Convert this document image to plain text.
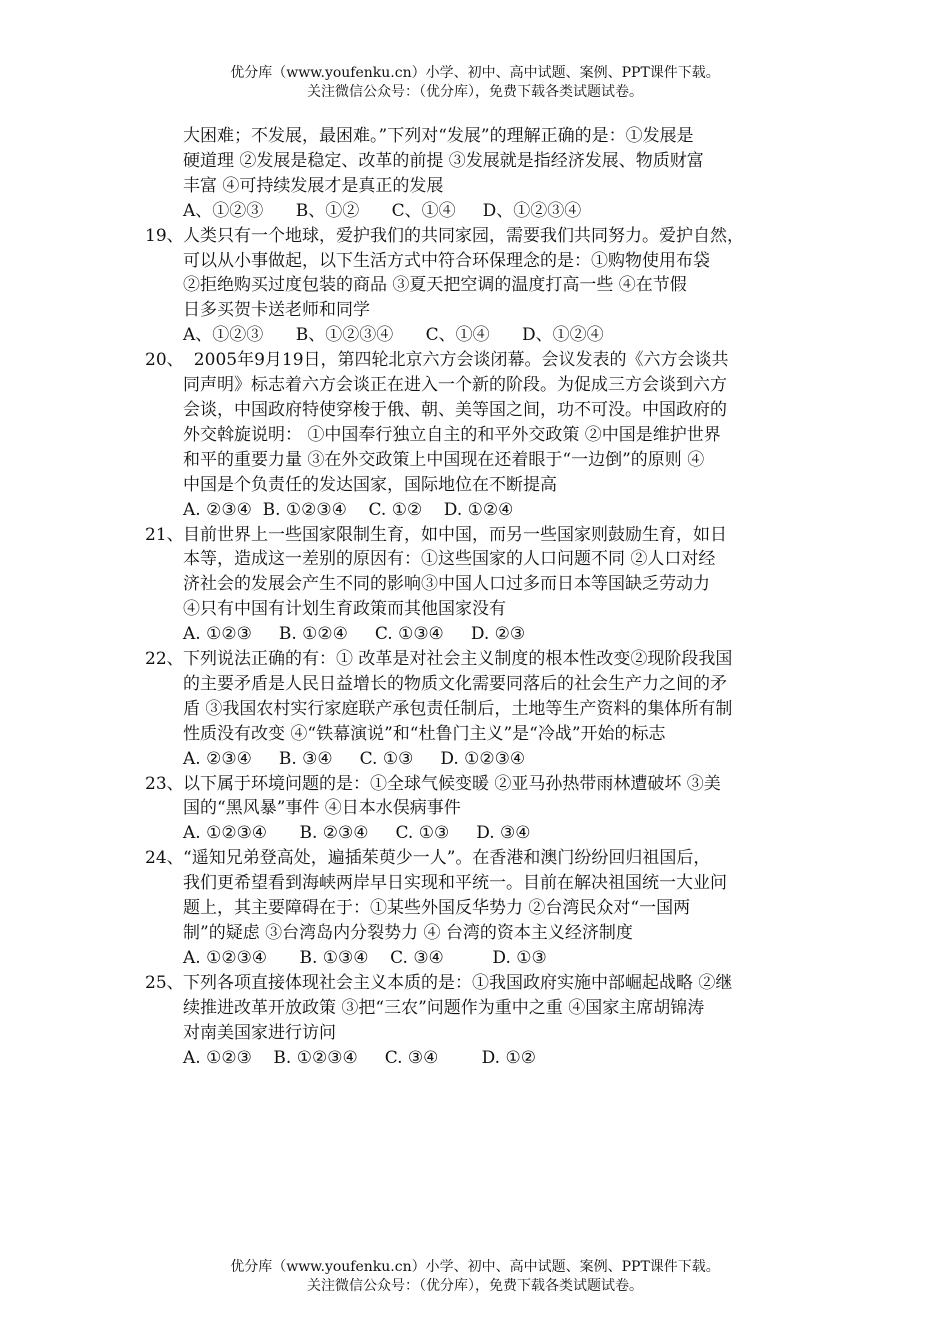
优分库（www.youfenku.cn）小学、初中、高中试题、案例、PPT课件下载。
关注微信公众号：（优分库），免费下载各类试题试卷。
大困难；不发展，最困难。”下列对“发展”的理解正确的是：①发展是
硬道理 ②发展是稳定、改革的前提 ③发展就是指经济发展、物质财富
丰富 ④可持续发展才是真正的发展
A、①②③      B、①②      C、①④     D、①②③④
19、 人类只有一个地球，爱护我们的共同家园，需要我们共同努力。爱护自然，
可以从小事做起，以下生活方式中符合环保理念的是：①购物使用布袋
②拒绝购买过度包装的商品 ③夏天把空调的温度打高一些 ④在节假
日多买贺卡送老师和同学
A、①②③      B、①②③④      C、①④      D、①②④
20、 2005年9月19日，第四轮北京六方会谈闭幕。会议发表的《六方会谈共
同声明》标志着六方会谈正在进入一个新的阶段。为促成三方会谈到六方
会谈，中国政府特使穿梭于俄、朝、美等国之间，功不可没。中国政府的
外交斡旋说明： ①中国奉行独立自主的和平外交政策 ②中国是维护世界
和平的重要力量 ③在外交政策上中国现在还着眼于“一边倒”的原则 ④
中国是个负责任的发达国家，国际地位在不断提高
A. ②③④  B. ①②③④    C. ①②    D. ①②④
21、 目前世界上一些国家限制生育，如中国，而另一些国家则鼓励生育，如日
本等，造成这一差别的原因有：①这些国家的人口问题不同 ②人口对经
济社会的发展会产生不同的影响③中国人口过多而日本等国缺乏劳动力
④只有中国有计划生育政策而其他国家没有
A. ①②③     B. ①②④     C. ①③④     D. ②③
22、 下列说法正确的有：① 改革是对社会主义制度的根本性改变②现阶段我国
的主要矛盾是人民日益增长的物质文化需要同落后的社会生产力之间的矛
盾 ③我国农村实行家庭联产承包责任制后，土地等生产资料的集体所有制
性质没有改变 ④“铁幕演说”和“杜鲁门主义”是“冷战”开始的标志
A. ②③④     B. ③④     C. ①③     D. ①②③④
23、 以下属于环境问题的是：①全球气候变暖 ②亚马孙热带雨林遭破坏 ③美
国的“黑风暴”事件 ④日本水俣病事件
A. ①②③④      B. ②③④     C. ①③     D. ③④
24、 “遥知兄弟登高处，遍插茱萸少一人”。在香港和澳门纷纷回归祖国后，
我们更希望看到海峡两岸早日实现和平统一。目前在解决祖国统一大业问
题上，其主要障碍在于：①某些外国反华势力 ②台湾民众对“一国两
制”的疑虑 ③台湾岛内分裂势力 ④ 台湾的资本主义经济制度
A. ①②③④      B. ①③④    C. ③④         D. ①③
25、 下列各项直接体现社会主义本质的是：①我国政府实施中部崛起战略 ②继
续推进改革开放政策 ③把“三农”问题作为重中之重 ④国家主席胡锦涛
对南美国家进行访问
A. ①②③    B. ①②③④     C. ③④        D. ①②
优分库（www.youfenku.cn）小学、初中、高中试题、案例、PPT课件下载。
关注微信公众号：（优分库），免费下载各类试题试卷。
